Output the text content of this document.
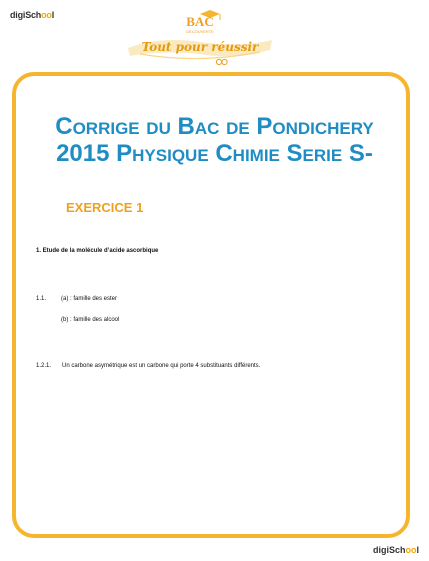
digiSchool	BAC
DÉCOUVERTE
Tout pour réussir
Corrige du Bac de Pondichery
2015 Physique Chimie Serie S-
EXERCICE 1
1. Etude de la molécule d’acide ascorbique
1.1. (a) : famille des ester
(b) : famille des alcool
1.2.1. Un carbone asymétrique est un carbone qui porte 4 substituants différents.
digiSchool
